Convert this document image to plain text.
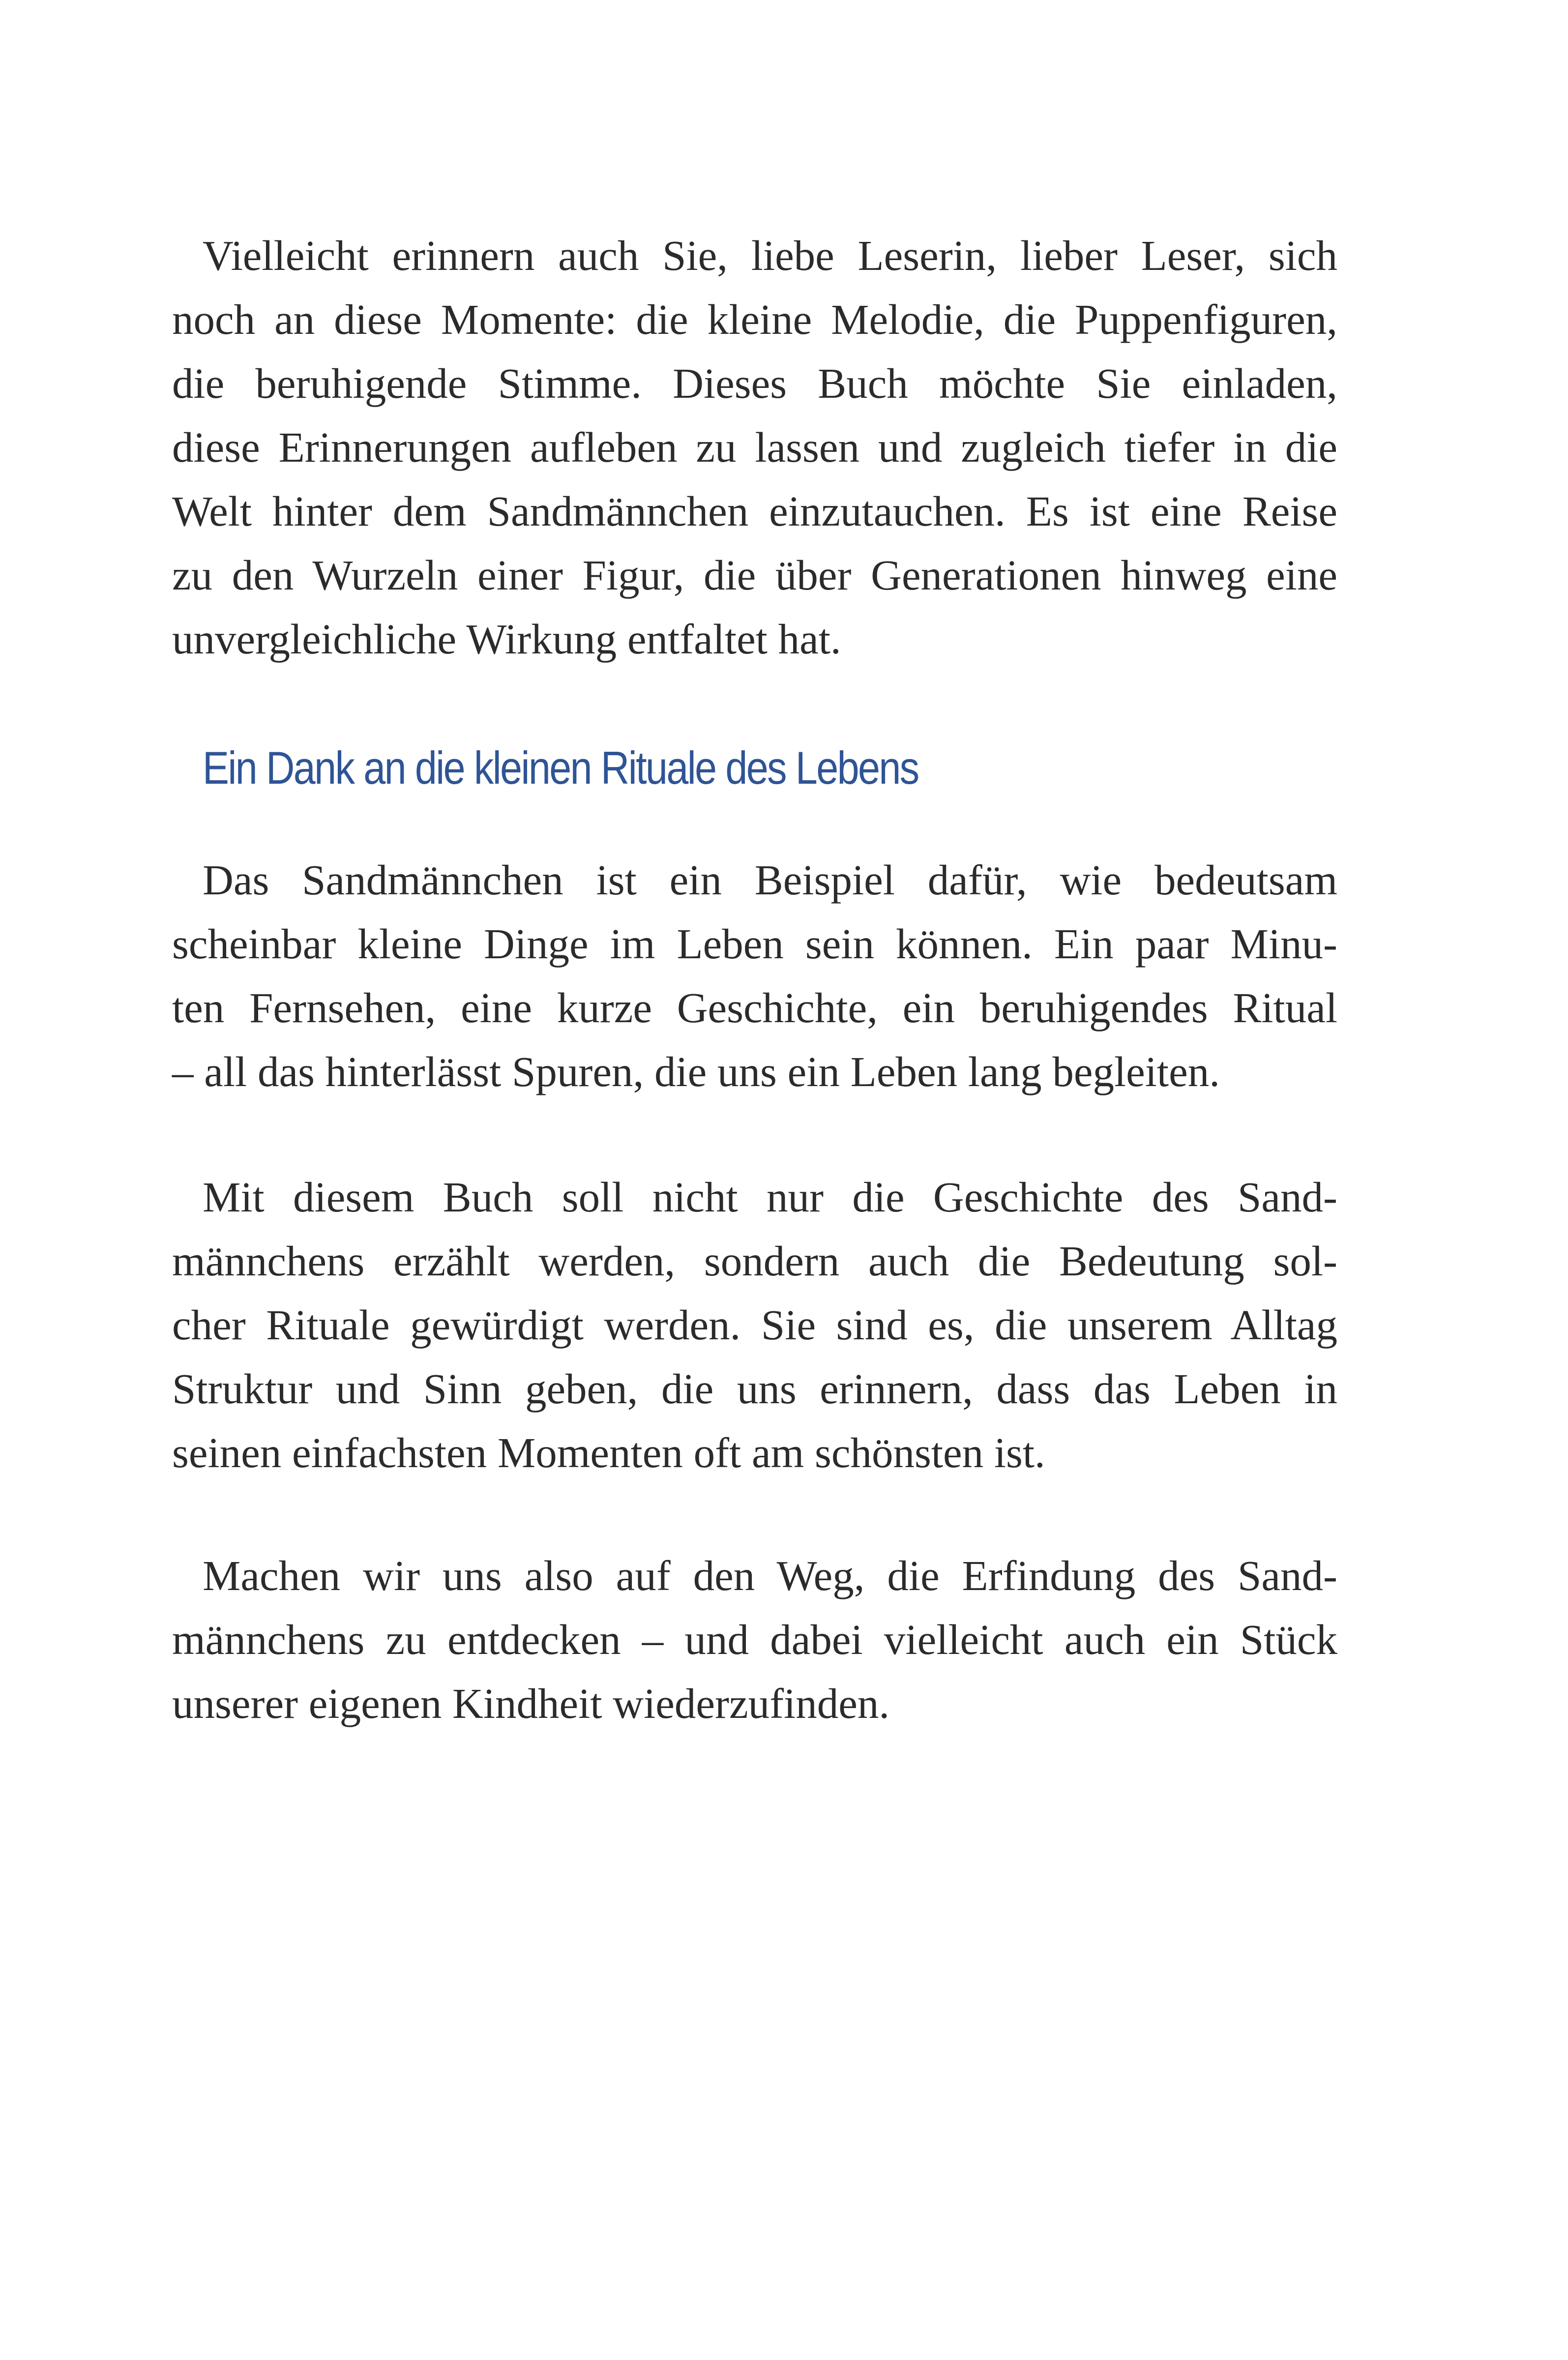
Vielleicht erinnern auch Sie, liebe Leserin, lieber Leser, sich
noch an diese Momente: die kleine Melodie, die Puppenfiguren,
die beruhigende Stimme. Dieses Buch möchte Sie einladen,
diese Erinnerungen aufleben zu lassen und zugleich tiefer in die
Welt hinter dem Sandmännchen einzutauchen. Es ist eine Reise
zu den Wurzeln einer Figur, die über Generationen hinweg eine
unvergleichliche Wirkung entfaltet hat.
Ein Dank an die kleinen Rituale des Lebens
Das Sandmännchen ist ein Beispiel dafür, wie bedeutsam
scheinbar kleine Dinge im Leben sein können. Ein paar Minu-
ten Fernsehen, eine kurze Geschichte, ein beruhigendes Ritual
– all das hinterlässt Spuren, die uns ein Leben lang begleiten.
Mit diesem Buch soll nicht nur die Geschichte des Sand-
männchens erzählt werden, sondern auch die Bedeutung sol-
cher Rituale gewürdigt werden. Sie sind es, die unserem Alltag
Struktur und Sinn geben, die uns erinnern, dass das Leben in
seinen einfachsten Momenten oft am schönsten ist.
Machen wir uns also auf den Weg, die Erfindung des Sand-
männchens zu entdecken – und dabei vielleicht auch ein Stück
unserer eigenen Kindheit wiederzufinden.
